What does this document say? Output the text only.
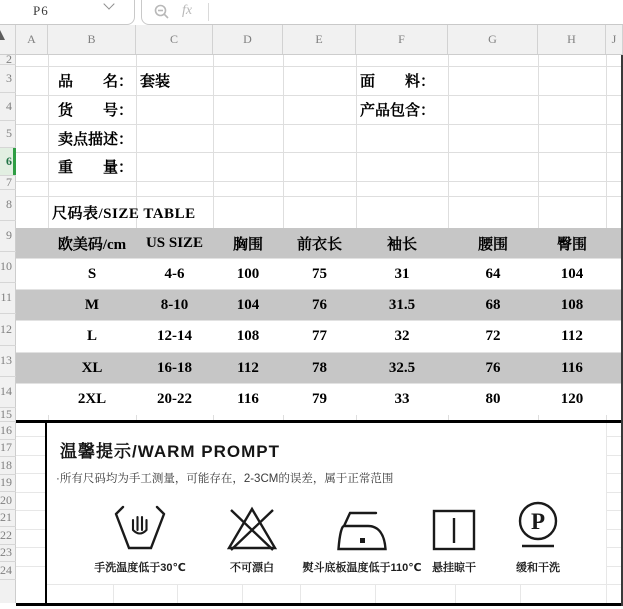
P6	fx
A	B	C	D	E	F	G	H	J
2
3
4
5
6
7
8
9
10
11
12
13
14
15
16
17
18
19
20
21
22
23
24
品　　名： 套装	面　　料：
货　　号：	产品包含：
卖点描述：
重　　量：
尺码表/SIZE TABLE
欧美码/cm	US SIZE	胸围	前衣长	袖长	腰围	臀围
S	4-6	100	75	31	64	104
M	8-10	104	76	31.5	68	108
L	12-14	108	77	32	72	112
XL	16-18	112	78	32.5	76	116
2XL	20-22	116	79	33	80	120
温馨提示/WARM PROMPT
·所有尺码均为手工测量，可能存在，2-3CM的误差，属于正常范围
手洗温度低于30℃	不可漂白	熨斗底板温度低于110℃ 悬挂晾干
P
缓和干洗
